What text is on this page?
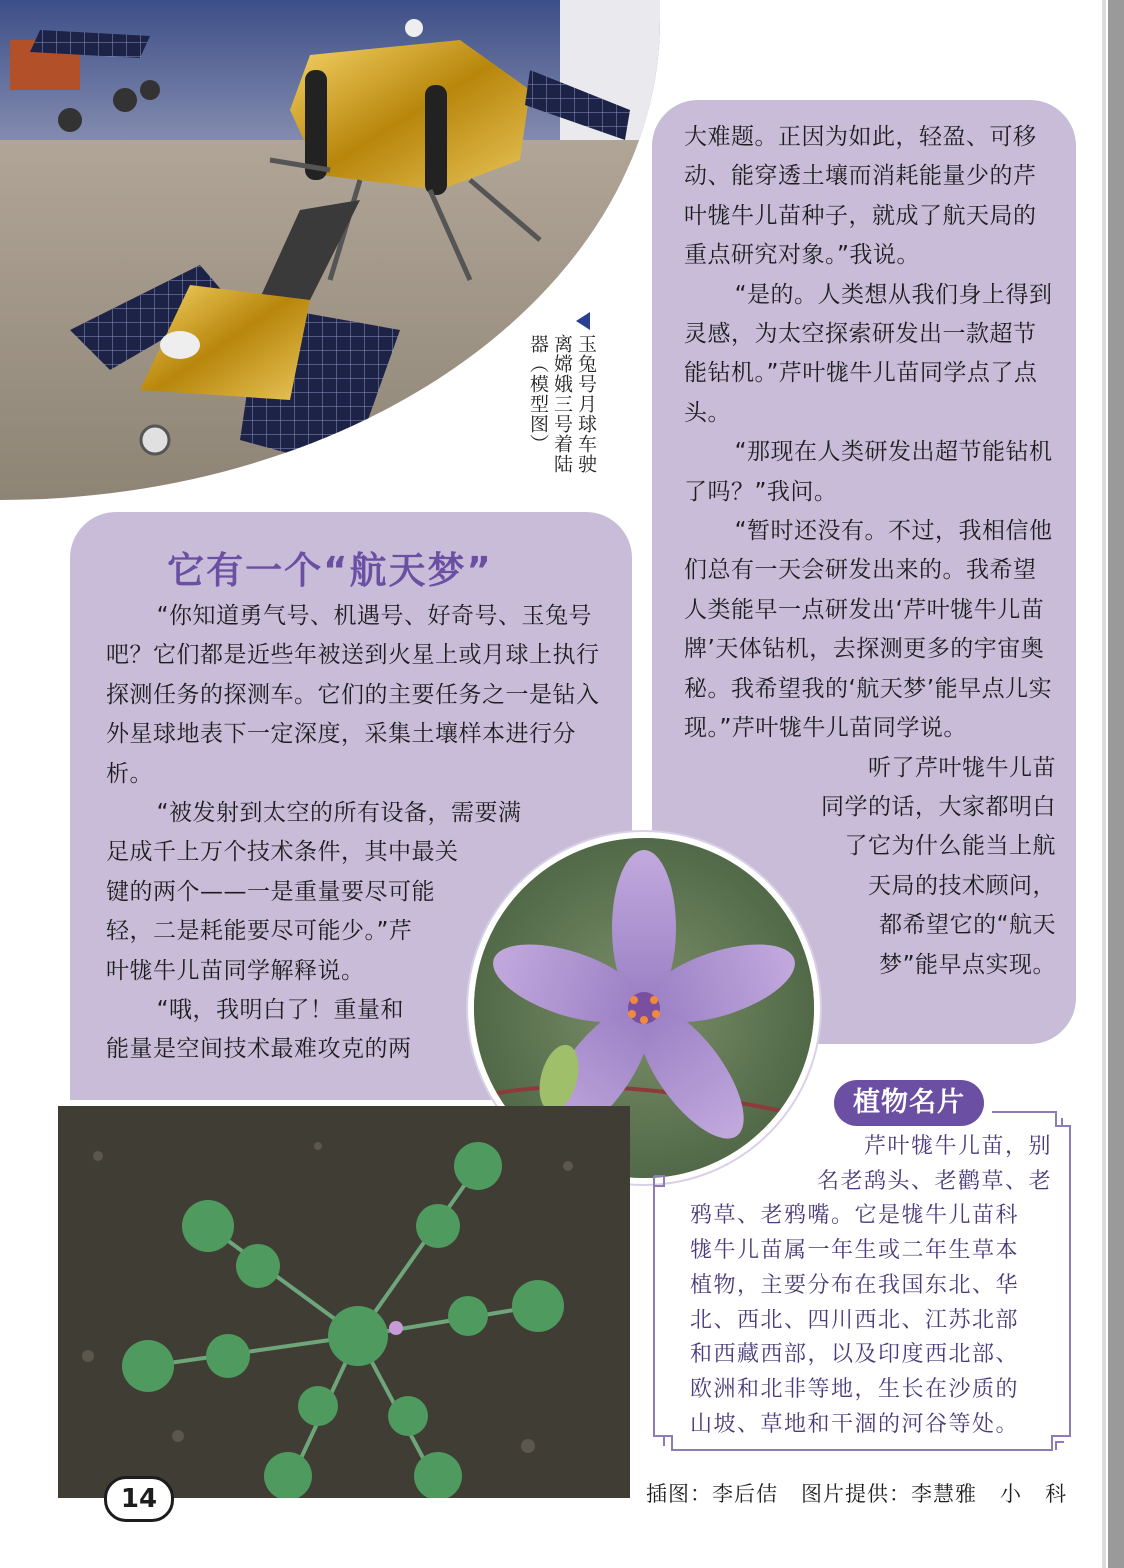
玉兔号月球车驶
离嫦娥三号着陆
器（模型图）

大难题。正因为如此，轻盈、可移动、能穿透土壤而消耗能量少的芹叶牻牛儿苗种子，就成了航天局的重点研究对象。”我说。

“是的。人类想从我们身上得到灵感，为太空探索研发出一款超节能钻机。”芹叶牻牛儿苗同学点了点头。

“那现在人类研发出超节能钻机了吗？”我问。

“暂时还没有。不过，我相信他们总有一天会研发出来的。我希望人类能早一点研发出‘芹叶牻牛儿苗牌’天体钻机，去探测更多的宇宙奥秘。我希望我的‘航天梦’能早点儿实现。”芹叶牻牛儿苗同学说。

听了芹叶牻牛儿苗
同学的话，大家都明白
了它为什么能当上航
天局的技术顾问，
都希望它的“航天
梦”能早点实现。
它有一个“航天梦”

“你知道勇气号、机遇号、好奇号、玉兔号吧？它们都是近些年被送到火星上或月球上执行探测任务的探测车。它们的主要任务之一是钻入外星球地表下一定深度，采集土壤样本进行分析。

“被发射到太空的所有设备，需要满
足成千上万个技术条件，其中最关
键的两个——一是重量要尽可能
轻，二是耗能要尽可能少。”芹
叶牻牛儿苗同学解释说。
“哦，我明白了！重量和
能量是空间技术最难攻克的两
植物名片

芹叶牻牛儿苗，别

名老鸹头、老鹳草、老

鸦草、老鸦嘴。它是牻牛儿苗科

牻牛儿苗属一年生或二年生草本

植物，主要分布在我国东北、华

北、西北、四川西北、江苏北部

和西藏西部，以及印度西北部、

欧洲和北非等地，生长在沙质的

山坡、草地和干涸的河谷等处。

14	插图：李后佶   图片提供：李慧雅   小   科
